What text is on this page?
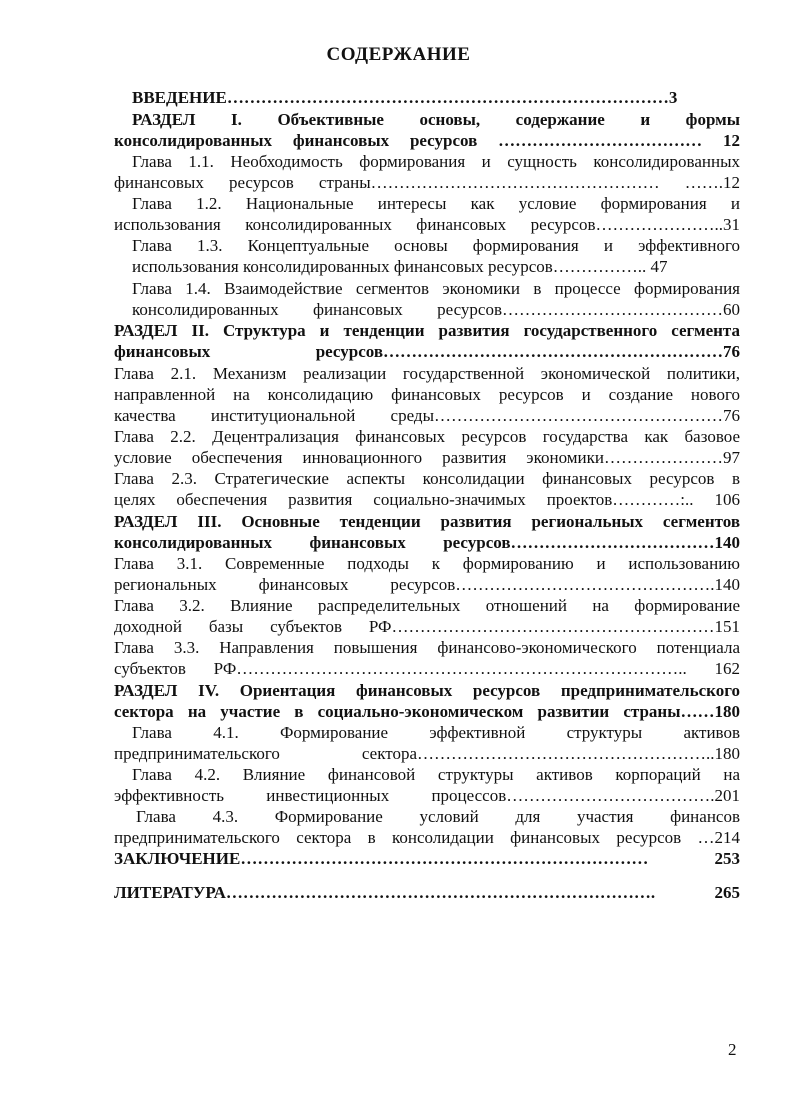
СОДЕРЖАНИЕ
ВВЕДЕНИЕ……………………………………………………………………3
РАЗДЕЛ I. Объективные основы, содержание и формы
консолидированных финансовых ресурсов ……………………………… 12
Глава 1.1. Необходимость формирования и сущность консолидированных
финансовых ресурсов страны…………………………………………… …….12
Глава 1.2. Национальные интересы как условие формирования и
использования консолидированных финансовых ресурсов…………………..31
Глава 1.3. Концептуальные основы формирования и эффективного
использования консолидированных финансовых ресурсов…………….. 47
Глава 1.4. Взаимодействие сегментов экономики в процессе формирования
консолидированных финансовых ресурсов…………………………………60
РАЗДЕЛ II. Структура и тенденции развития государственного сегмента
финансовых ресурсов……………………………………………………76
Глава 2.1. Механизм реализации государственной экономической политики,
направленной на консолидацию финансовых ресурсов и создание нового
качества институциональной среды……………………………………………76
Глава 2.2. Децентрализация финансовых ресурсов государства как базовое
условие обеспечения инновационного развития экономики…………………97
Глава 2.3. Стратегические аспекты консолидации финансовых ресурсов в
целях обеспечения развития социально-значимых проектов…………:.. 106
РАЗДЕЛ III. Основные тенденции развития региональных сегментов
консолидированных финансовых ресурсов………………………………140
Глава 3.1. Современные подходы к формированию и использованию
региональных финансовых ресурсов……………………………………….140
Глава 3.2. Влияние распределительных отношений на формирование
доходной базы субъектов РФ…………………………………………………151
Глава 3.3. Направления повышения финансово-экономического потенциала
субъектов РФ…………………………………………………………………….. 162
РАЗДЕЛ IV. Ориентация финансовых ресурсов предпринимательского
сектора на участие в социально-экономическом развитии страны……180
Глава 4.1. Формирование эффективной структуры активов
предпринимательского сектора……………………………………………..180
Глава 4.2. Влияние финансовой структуры активов корпораций на
эффективность инвестиционных процессов……………………………….201
Глава 4.3. Формирование условий для участия финансов
предпринимательского сектора в консолидации финансовых ресурсов …214
ЗАКЛЮЧЕНИЕ……………………………………………………………… 253
ЛИТЕРАТУРА…………………………………………………………………. 265
2
